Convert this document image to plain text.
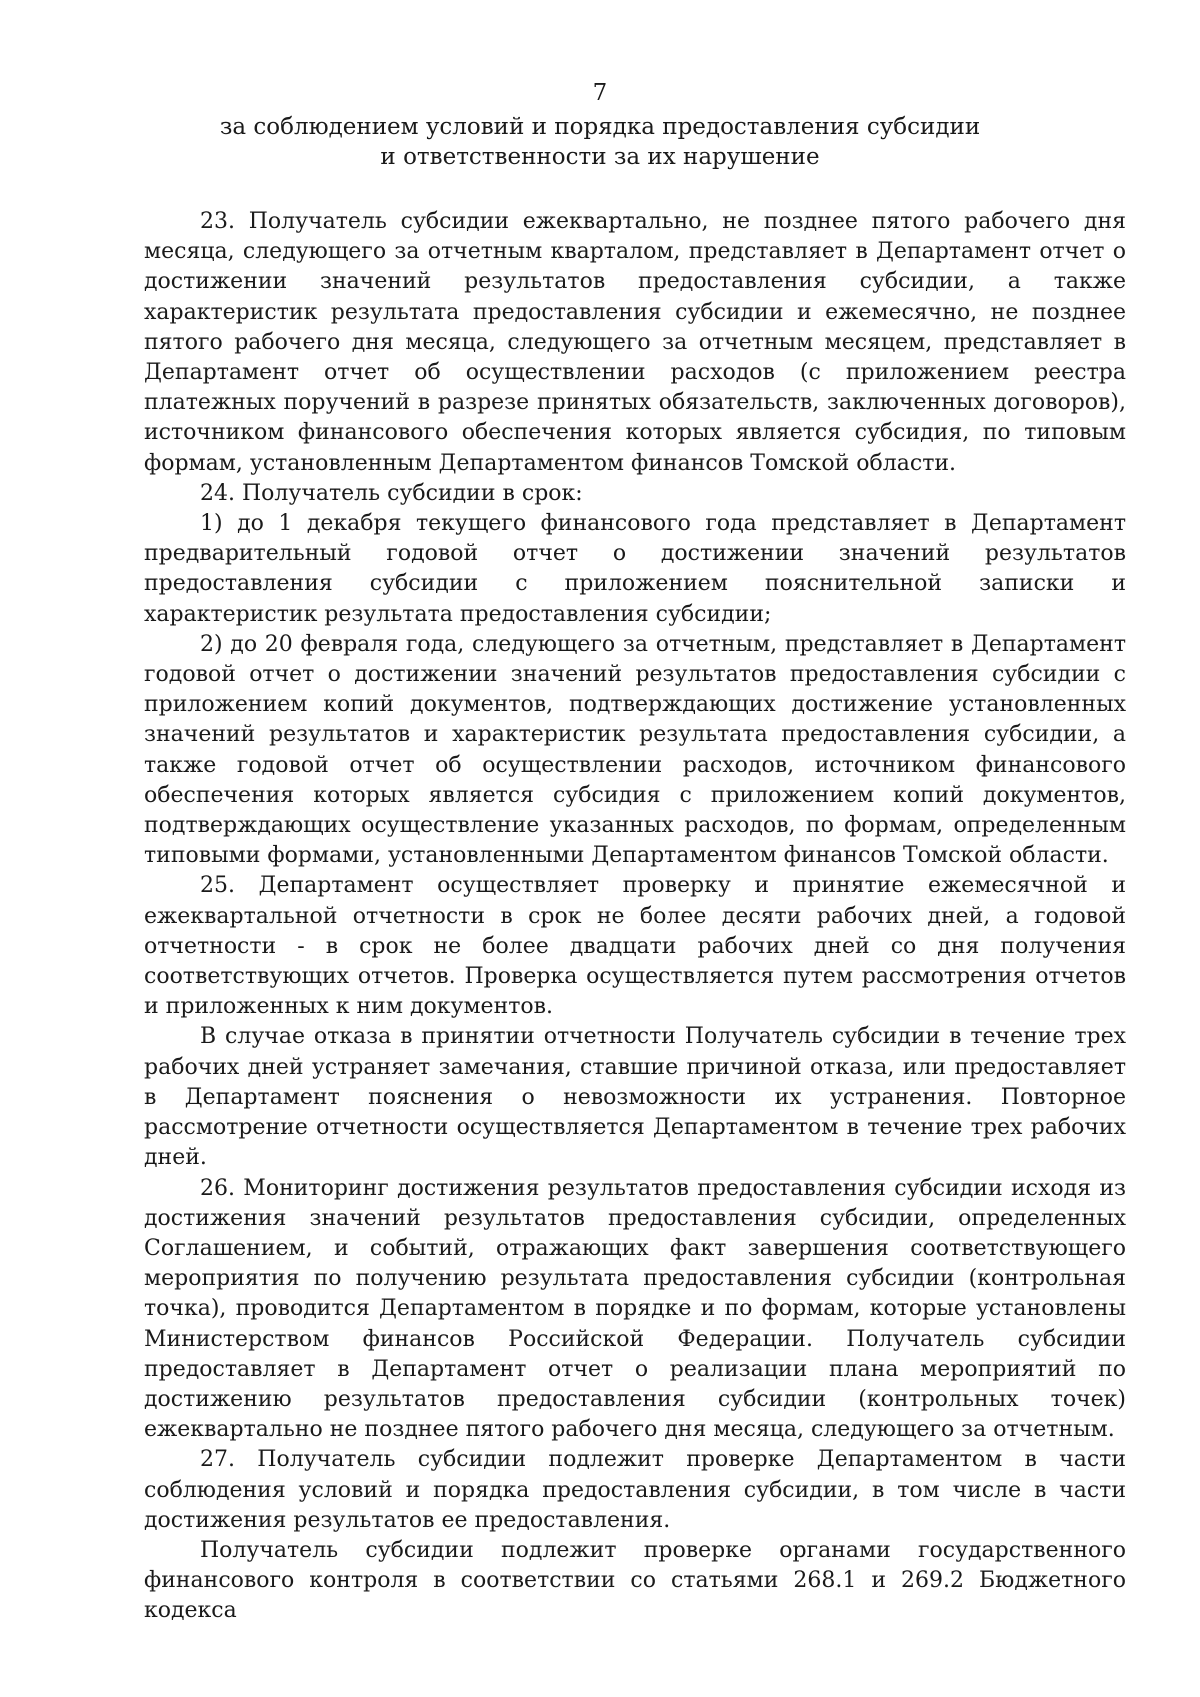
7
за соблюдением условий и порядка предоставления субсидии
и ответственности за их нарушение

23. Получатель субсидии ежеквартально, не позднее пятого рабочего дня месяца, следующего за отчетным кварталом, представляет в Департамент отчет о достижении значений результатов предоставления субсидии, а также характеристик результата предоставления субсидии и ежемесячно, не позднее пятого рабочего дня месяца, следующего за отчетным месяцем, представляет в Департамент отчет об осуществлении расходов (с приложением реестра платежных поручений в разрезе принятых обязательств, заключенных договоров), источником финансового обеспечения которых является субсидия, по типовым формам, установленным Департаментом финансов Томской области.

24. Получатель субсидии в срок:

1) до 1 декабря текущего финансового года представляет в Департамент предварительный годовой отчет о достижении значений результатов предоставления субсидии с приложением пояснительной записки и характеристик результата предоставления субсидии;

2) до 20 февраля года, следующего за отчетным, представляет в Департамент годовой отчет о достижении значений результатов предоставления субсидии с приложением копий документов, подтверждающих достижение установленных значений результатов и характеристик результата предоставления субсидии, а также годовой отчет об осуществлении расходов, источником финансового обеспечения которых является субсидия с приложением копий документов, подтверждающих осуществление указанных расходов, по формам, определенным типовыми формами, установленными Департаментом финансов Томской области.

25. Департамент осуществляет проверку и принятие ежемесячной и ежеквартальной отчетности в срок не более десяти рабочих дней, а годовой отчетности - в срок не более двадцати рабочих дней со дня получения соответствующих отчетов. Проверка осуществляется путем рассмотрения отчетов и приложенных к ним документов.

В случае отказа в принятии отчетности Получатель субсидии в течение трех рабочих дней устраняет замечания, ставшие причиной отказа, или предоставляет в Департамент пояснения о невозможности их устранения. Повторное рассмотрение отчетности осуществляется Департаментом в течение трех рабочих дней.

26. Мониторинг достижения результатов предоставления субсидии исходя из достижения значений результатов предоставления субсидии, определенных Соглашением, и событий, отражающих факт завершения соответствующего мероприятия по получению результата предоставления субсидии (контрольная точка), проводится Департаментом в порядке и по формам, которые установлены Министерством финансов Российской Федерации. Получатель субсидии предоставляет в Департамент отчет о реализации плана мероприятий по достижению результатов предоставления субсидии (контрольных точек) ежеквартально не позднее пятого рабочего дня месяца, следующего за отчетным.

27. Получатель субсидии подлежит проверке Департаментом в части соблюдения условий и порядка предоставления субсидии, в том числе в части достижения результатов ее предоставления.

Получатель субсидии подлежит проверке органами государственного финансового контроля в соответствии со статьями 268.1 и 269.2 Бюджетного кодекса
